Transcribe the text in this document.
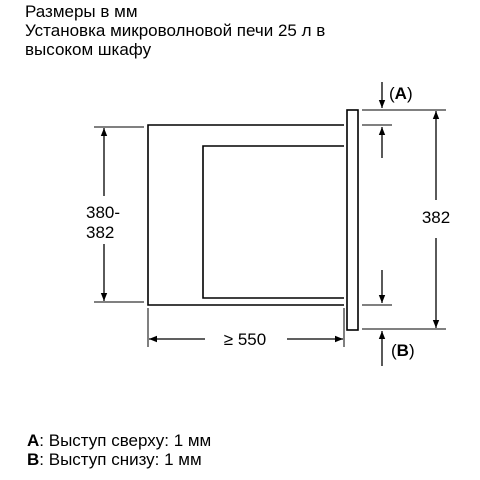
Размеры в мм
Установка микроволновой печи 25 л в
высоком шкафу
380-
382
≥ 550
382
(A)
(B)
A: Выступ сверху: 1 мм
B: Выступ снизу: 1 мм
